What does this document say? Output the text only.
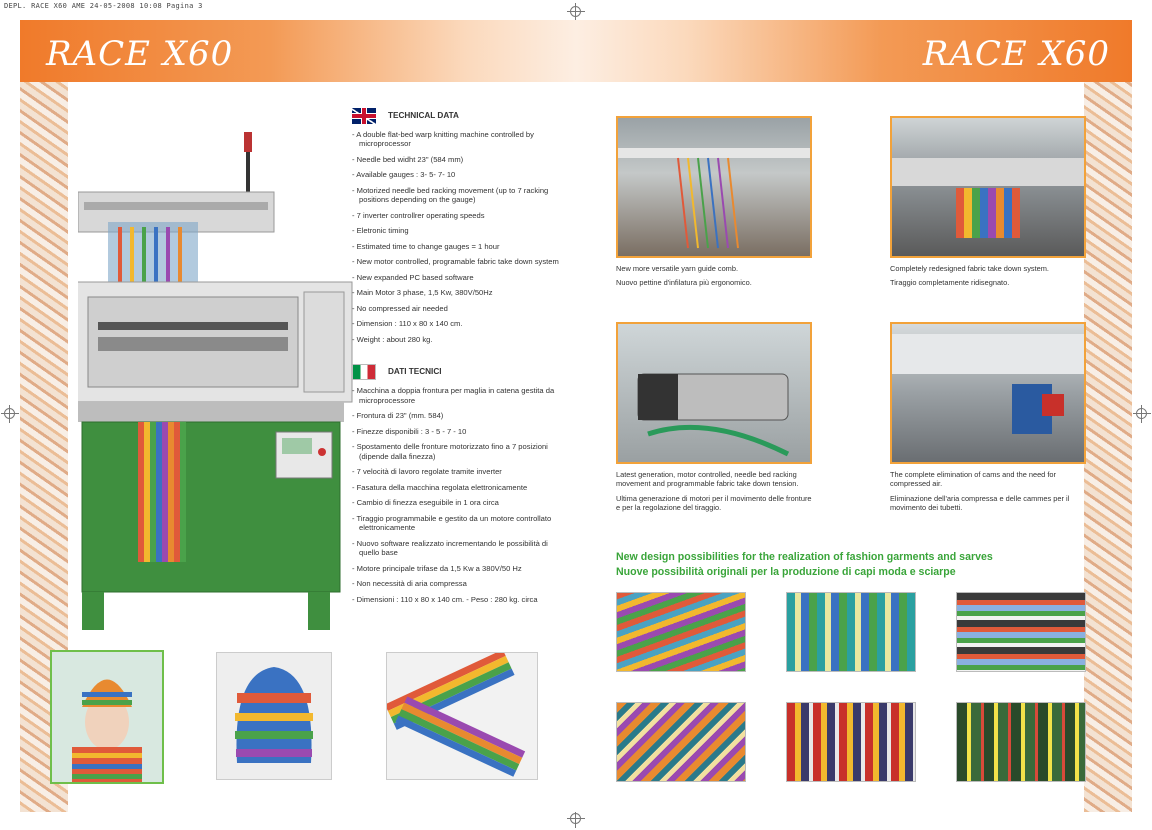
DEPL. RACE X60 AME 24-05-2008 10:08 Pagina 3
RACE X60
TECHNICAL DATA
- A double flat-bed warp knitting machine controlled by microprocessor
- Needle bed widht 23" (584 mm)
- Available gauges : 3- 5- 7- 10
- Motorized needle bed racking movement (up to 7 racking positions depending on the gauge)
- 7 inverter controllrer operating speeds
- Eletronic timing
- Estimated time to change gauges = 1 hour
- New motor controlled, programable fabric take down system
- New expanded PC based software
- Main Motor 3 phase, 1,5 Kw, 380V/50Hz
- No compressed air needed
- Dimension : 110 x 80 x 140 cm.
- Weight : about 280 kg.
DATI TECNICI
- Macchina a doppia frontura per maglia in catena gestita da microprocessore
- Frontura di 23" (mm. 584)
- Finezze disponibili : 3 - 5 - 7 - 10
- Spostamento delle fronture motorizzato fino a 7 posizioni (dipende dalla finezza)
- 7 velocità di lavoro regolate tramite inverter
- Fasatura della macchina regolata elettronicamente
- Cambio di finezza eseguibile in 1 ora circa
- Tiraggio programmabile e gestito da un motore controllato elettronicamente
- Nuovo software realizzato incrementando le possibilità di quello base
- Motore principale trifase da 1,5 Kw a 380V/50 Hz
- Non necessità di aria compressa
- Dimensioni : 110 x 80 x 140 cm. - Peso : 280 kg. circa
RACE X60
New more versatile yarn guide comb.
Nuovo pettine d'infilatura più ergonomico.
Completely redesigned fabric take down system.
Tiraggio completamente ridisegnato.
Latest generation, motor controlled, needle bed racking movement and programmable fabric take down tension.
Ultima generazione di motori per il movimento delle fronture e per la regolazione del tiraggio.
The complete elimination of cams and the need for compressed air.
Eliminazione dell'aria compressa e delle cammes per il movimento dei tubetti.
New design possibilities for the realization of fashion garments and sarves
Nuove possibilità originali per la produzione di capi moda e sciarpe
